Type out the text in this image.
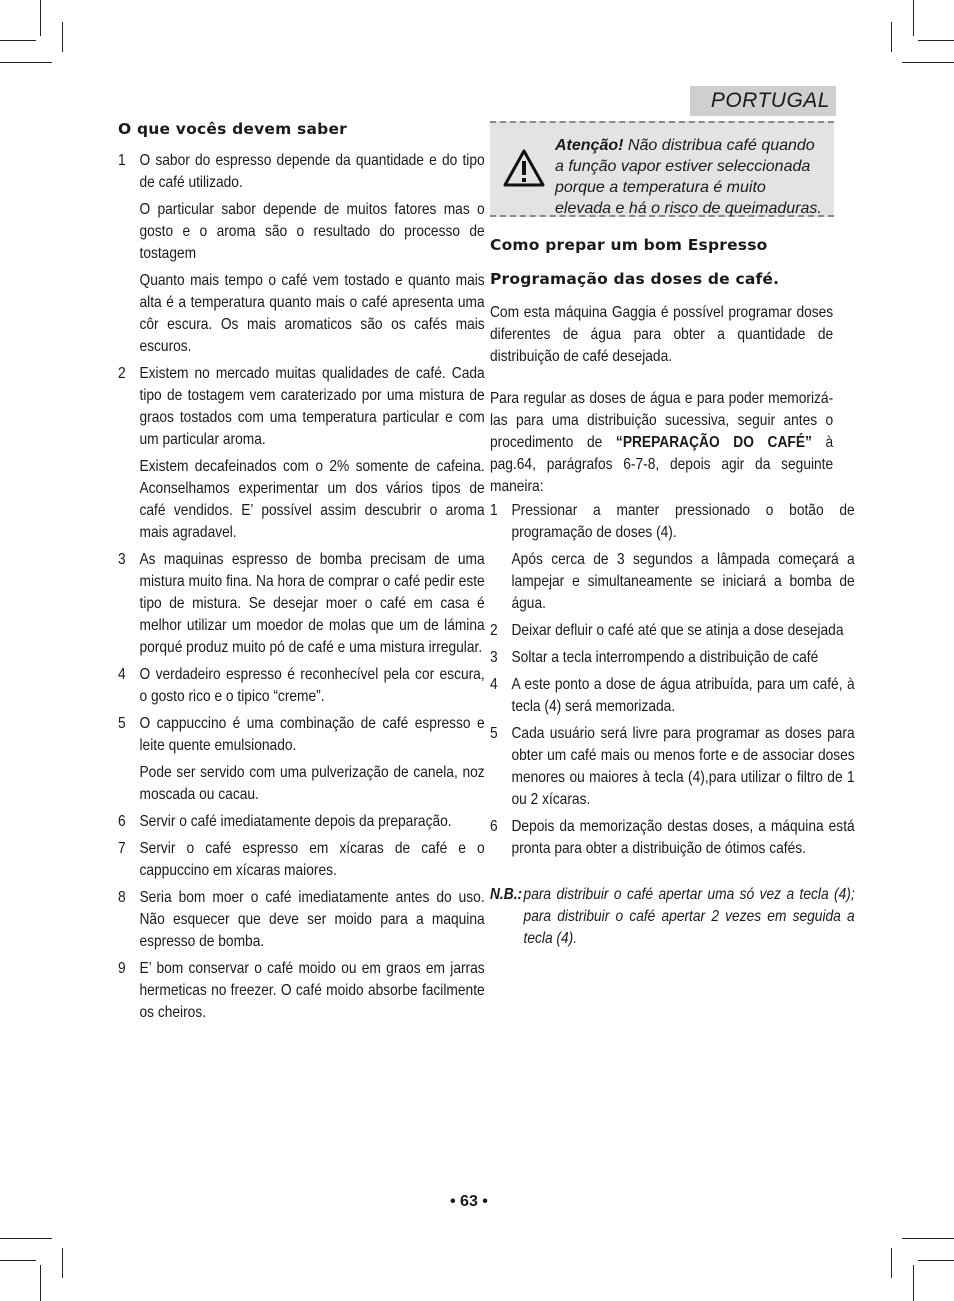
PORTUGAL
O que vocês devem saber
1 O sabor do espresso depende da quantidade e do tipo de café utilizado.
O particular sabor depende de muitos fatores mas o gosto e o aroma são o resultado do processo de tostagem
Quanto mais tempo o café vem tostado e quanto mais alta é a temperatura quanto mais o café apresenta uma côr escura. Os mais aromaticos são os cafés mais escuros.
2 Existem no mercado muitas qualidades de café. Cada tipo de tostagem vem caraterizado por uma mistura de graos tostados com uma temperatura particular e com um particular aroma.
Existem decafeinados com o 2% somente de cafeina. Aconselhamos experimentar um dos vários tipos de café vendidos. E’ possível assim descubrir o aroma mais agradavel.
3 As maquinas espresso de bomba precisam de uma mistura muito fina. Na hora de comprar o café pedir este tipo de mistura. Se desejar moer o café em casa é melhor utilizar um moedor de molas que um de lámina porqué produz muito pó de café e uma mistura irregular.
4 O verdadeiro espresso é reconhecível pela cor escura, o gosto rico e o tipico “creme”.
5 O cappuccino é uma combinação de café espresso e leite quente emulsionado.
Pode ser servido com uma pulverização de canela, noz moscada ou cacau.
6 Servir o café imediatamente depois da preparação.
7 Servir o café espresso em xícaras de café e o cappuccino em xícaras maiores.
8 Seria bom moer o café imediatamente antes do uso. Não esquecer que deve ser moido para a maquina espresso de bomba.
9 E’ bom conservar o café moido ou em graos em jarras hermeticas no freezer. O café moido absorbe facilmente os cheiros.
Atenção! Não distribua café quando a função vapor estiver seleccionada porque a temperatura é muito elevada e há o risco de queimaduras.
Como prepar um bom Espresso
Programação das doses de café.
Com esta máquina Gaggia é possível programar doses diferentes de água para obter a quantidade de distribuição de café desejada.
Para regular as doses de água e para poder memorizá-las para uma distribuição sucessiva, seguir antes o procedimento de “PREPARAÇÃO DO CAFÉ” à pag.64, parágrafos 6-7-8, depois agir da seguinte maneira:
1 Pressionar a manter pressionado o botão de programação de doses (4).
Após cerca de 3 segundos a lâmpada começará a lampejar e simultaneamente se iniciará a bomba de água.
2 Deixar defluir o café até que se atinja a dose desejada
3 Soltar a tecla interrompendo a distribuição de café
4 A este ponto a dose de água atribuída, para um café, à tecla (4) será memorizada.
5 Cada usuário será livre para programar as doses para obter um café mais ou menos forte e de associar doses menores ou maiores à tecla (4),para utilizar o filtro de 1 ou 2 xícaras.
6 Depois da memorização destas doses, a máquina está pronta para obter a distribuição de ótimos cafés.
N.B.: para distribuir o café apertar uma só vez a tecla (4); para distribuir o café apertar 2 vezes em seguida a tecla (4).
• 63 •
